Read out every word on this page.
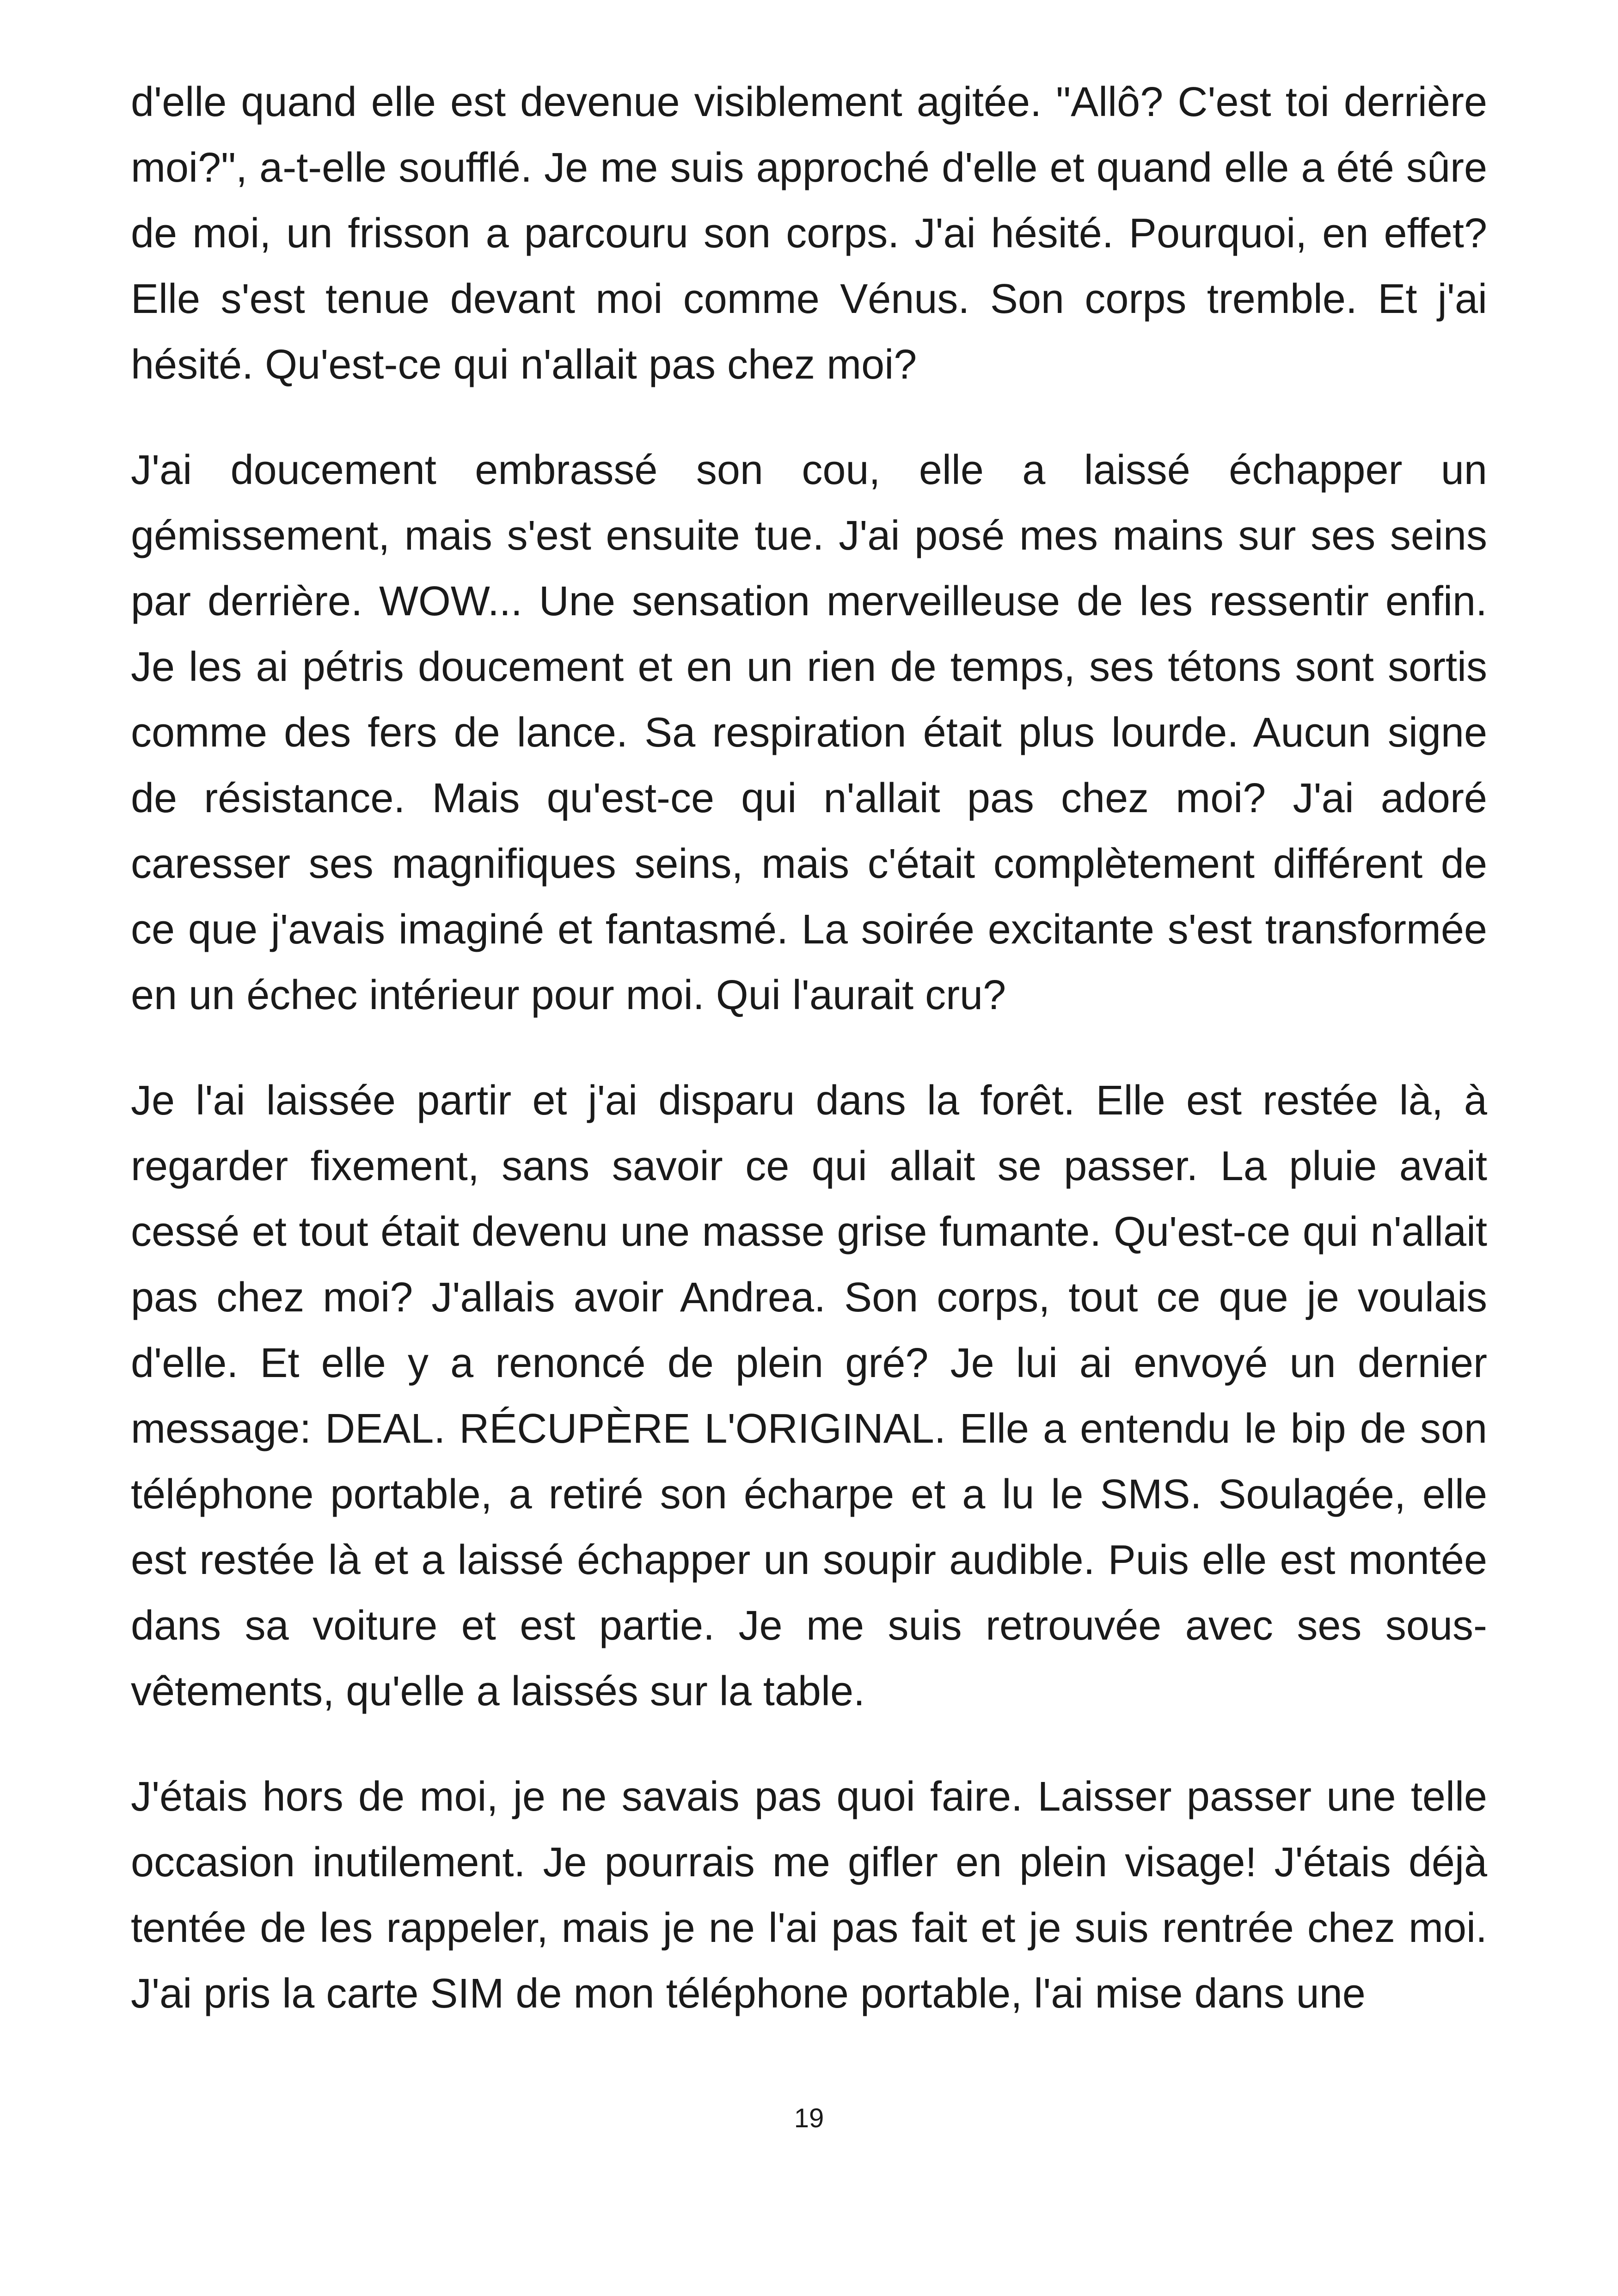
d'elle quand elle est devenue visiblement agitée. "Allô? C'est toi derrière moi?", a-t-elle soufflé. Je me suis approché d'elle et quand elle a été sûre de moi, un frisson a parcouru son corps. J'ai hésité. Pourquoi, en effet? Elle s'est tenue devant moi comme Vénus. Son corps tremble. Et j'ai hésité. Qu'est-ce qui n'allait pas chez moi?

J'ai doucement embrassé son cou, elle a laissé échapper un gémissement, mais s'est ensuite tue. J'ai posé mes mains sur ses seins par derrière. WOW... Une sensation merveilleuse de les ressentir enfin. Je les ai pétris doucement et en un rien de temps, ses tétons sont sortis comme des fers de lance. Sa respiration était plus lourde. Aucun signe de résistance. Mais qu'est-ce qui n'allait pas chez moi? J'ai adoré caresser ses magnifiques seins, mais c'était complètement différent de ce que j'avais imaginé et fantasmé. La soirée excitante s'est transformée en un échec intérieur pour moi. Qui l'aurait cru?

Je l'ai laissée partir et j'ai disparu dans la forêt. Elle est restée là, à regarder fixement, sans savoir ce qui allait se passer. La pluie avait cessé et tout était devenu une masse grise fumante. Qu'est-ce qui n'allait pas chez moi? J'allais avoir Andrea. Son corps, tout ce que je voulais d'elle. Et elle y a renoncé de plein gré? Je lui ai envoyé un dernier message: DEAL. RÉCUPÈRE L'ORIGINAL. Elle a entendu le bip de son téléphone portable, a retiré son écharpe et a lu le SMS. Soulagée, elle est restée là et a laissé échapper un soupir audible. Puis elle est montée dans sa voiture et est partie. Je me suis retrouvée avec ses sous-vêtements, qu'elle a laissés sur la table.

J'étais hors de moi, je ne savais pas quoi faire. Laisser passer une telle occasion inutilement. Je pourrais me gifler en plein visage! J'étais déjà tentée de les rappeler, mais je ne l'ai pas fait et je suis rentrée chez moi. J'ai pris la carte SIM de mon téléphone portable, l'ai mise dans une

19
